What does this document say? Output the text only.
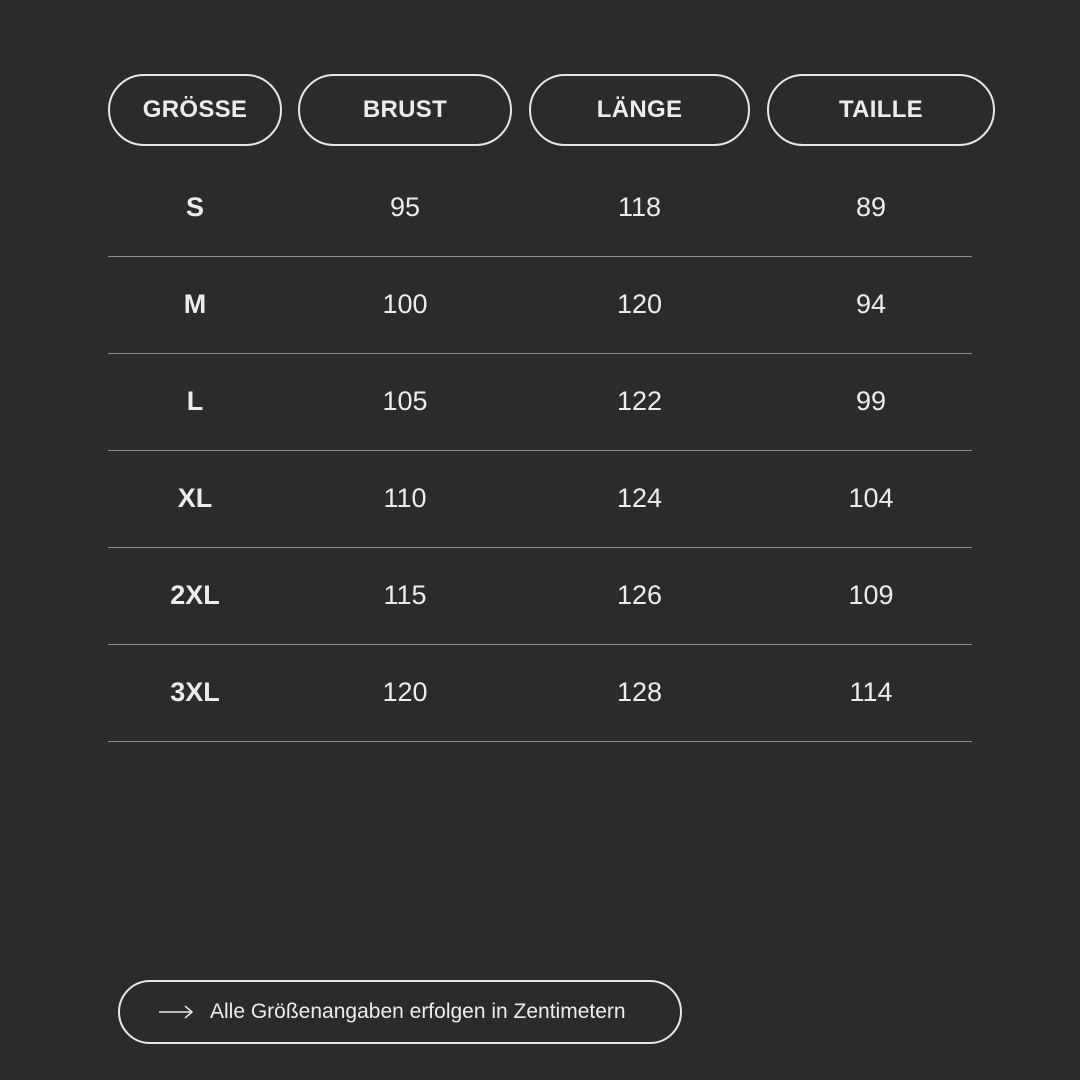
GRÖSSE	BRUST	LÄNGE	TAILLE
S	95	118	89
M	100	120	94
L	105	122	99
XL	110	124	104
2XL	115	126	109
3XL	120	128	114
Alle Größenangaben erfolgen in Zentimetern
